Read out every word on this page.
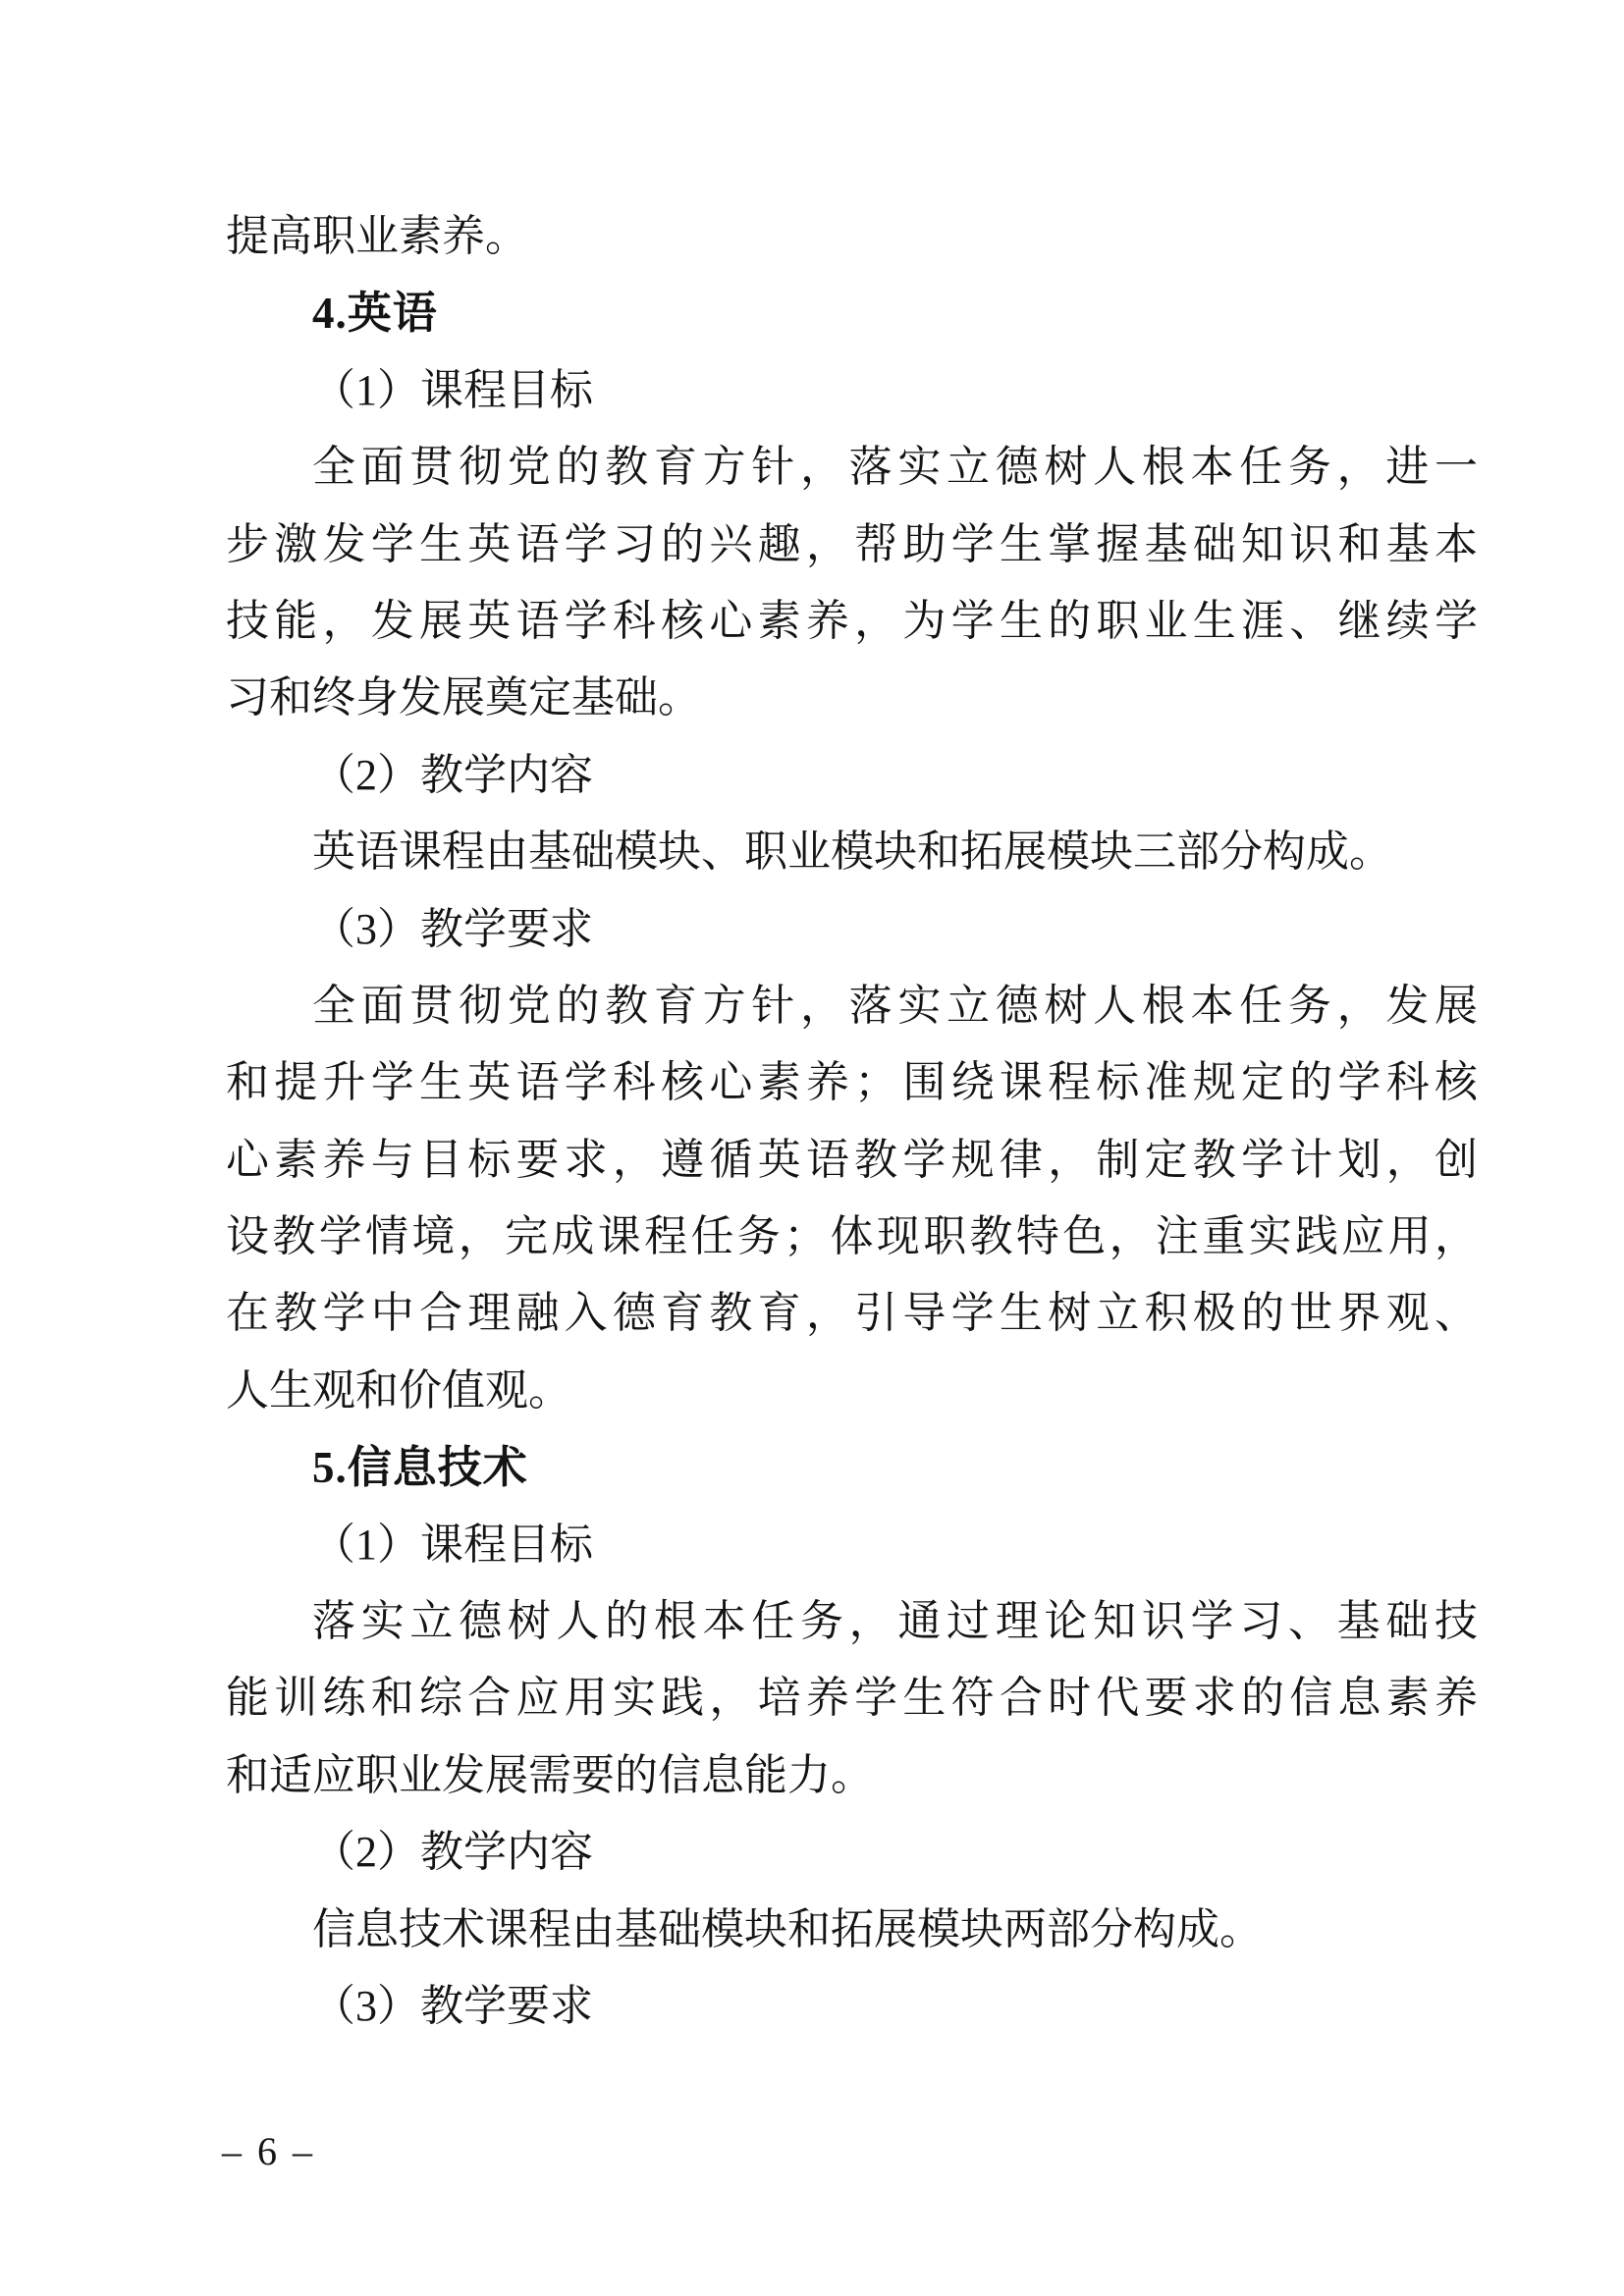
提高职业素养。
4.英语
（1）课程目标
全面贯彻党的教育方针，落实立德树人根本任务，进一
步激发学生英语学习的兴趣，帮助学生掌握基础知识和基本
技能，发展英语学科核心素养，为学生的职业生涯、继续学
习和终身发展奠定基础。
（2）教学内容
英语课程由基础模块、职业模块和拓展模块三部分构成。
（3）教学要求
全面贯彻党的教育方针，落实立德树人根本任务，发展
和提升学生英语学科核心素养；围绕课程标准规定的学科核
心素养与目标要求，遵循英语教学规律，制定教学计划，创
设教学情境，完成课程任务；体现职教特色，注重实践应用，
在教学中合理融入德育教育，引导学生树立积极的世界观、
人生观和价值观。
5.信息技术
（1）课程目标
落实立德树人的根本任务，通过理论知识学习、基础技
能训练和综合应用实践，培养学生符合时代要求的信息素养
和适应职业发展需要的信息能力。
（2）教学内容
信息技术课程由基础模块和拓展模块两部分构成。
（3）教学要求
– 6 –
